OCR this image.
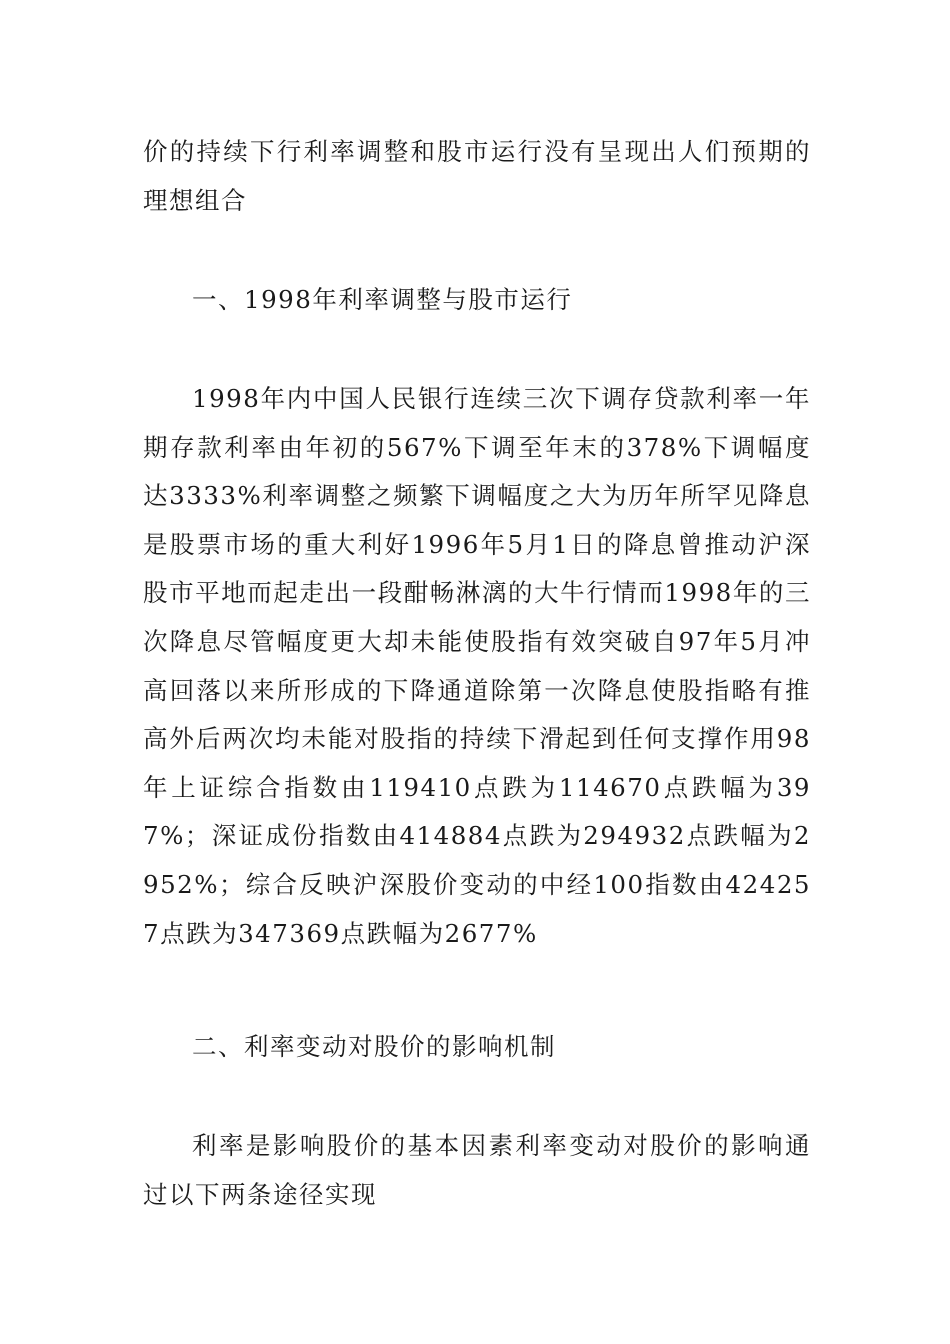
价的持续下行利率调整和股市运行没有呈现出人们预期的理想组合

一、1998年利率调整与股市运行

1998年内中国人民银行连续三次下调存贷款利率一年期存款利率由年初的567%下调至年末的378%下调幅度达3333%利率调整之频繁下调幅度之大为历年所罕见降息是股票市场的重大利好1996年5月1日的降息曾推动沪深股市平地而起走出一段酣畅淋漓的大牛行情而1998年的三次降息尽管幅度更大却未能使股指有效突破自97年5月冲高回落以来所形成的下降通道除第一次降息使股指略有推高外后两次均未能对股指的持续下滑起到任何支撑作用98年上证综合指数由119410点跌为114670点跌幅为397%；深证成份指数由414884点跌为294932点跌幅为2952%；综合反映沪深股价变动的中经100指数由424257点跌为347369点跌幅为2677%

二、利率变动对股价的影响机制

利率是影响股价的基本因素利率变动对股价的影响通过以下两条途径实现
